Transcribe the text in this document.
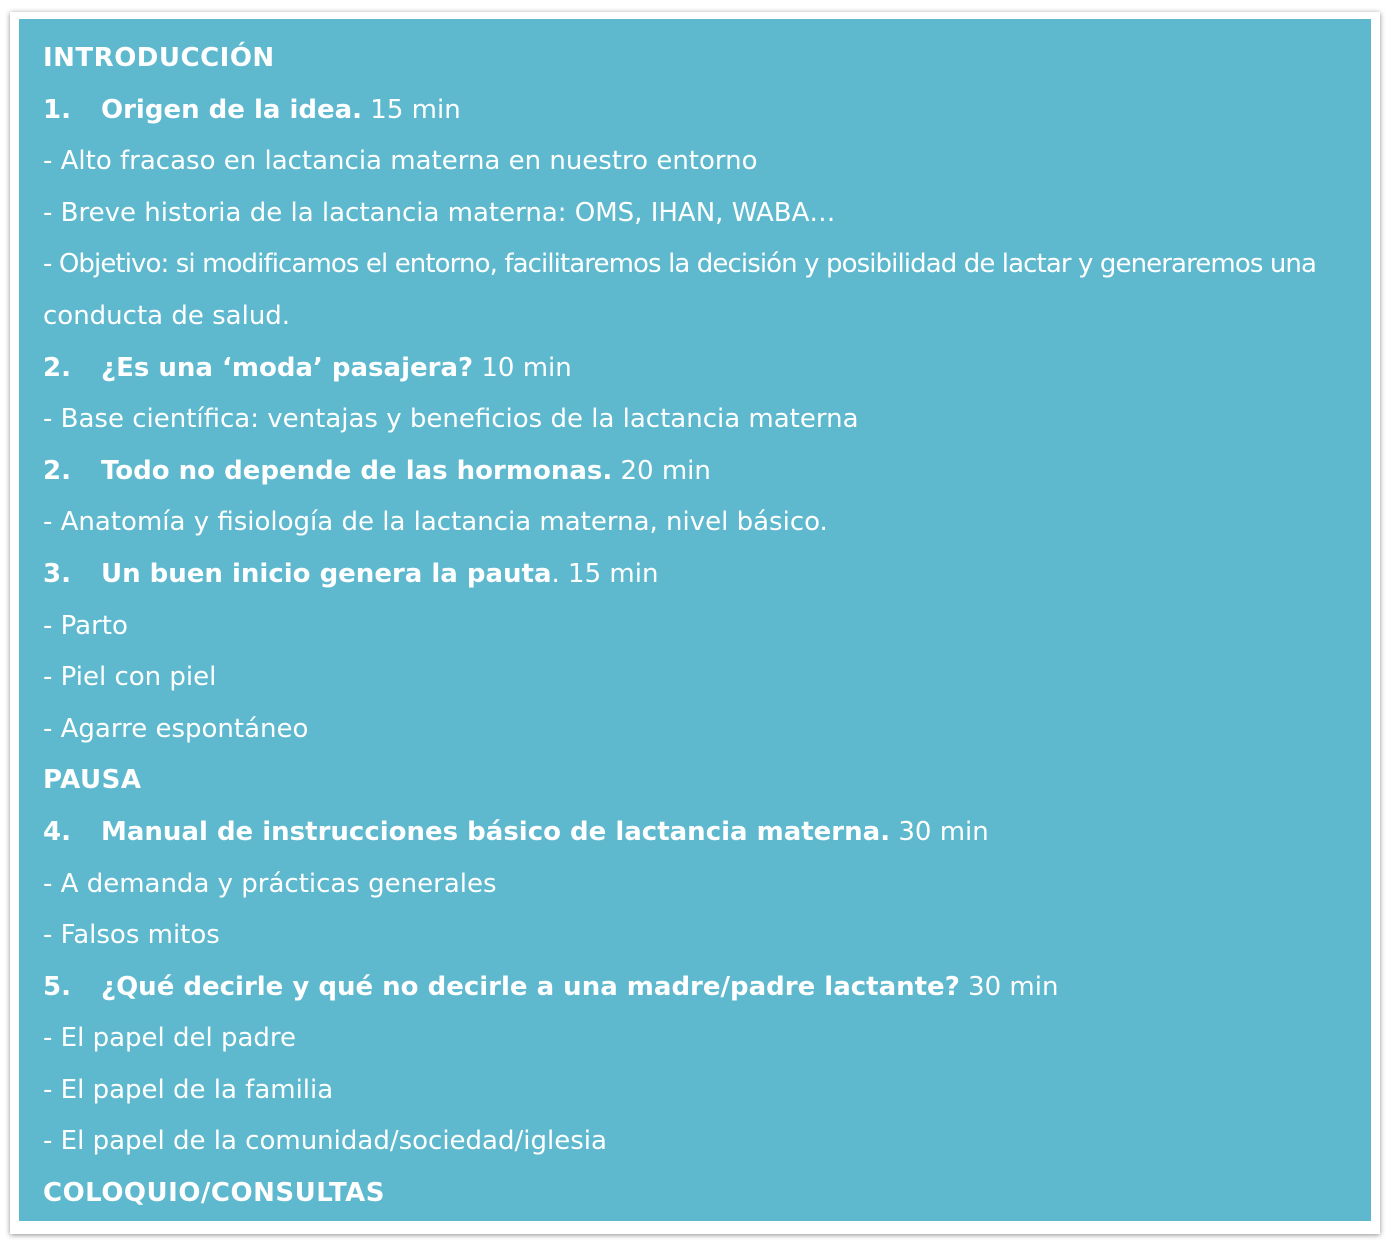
INTRODUCCIÓN
1. Origen de la idea. 15 min
- Alto fracaso en lactancia materna en nuestro entorno
- Breve historia de la lactancia materna: OMS, IHAN, WABA…
- Objetivo: si modificamos el entorno, facilitaremos la decisión y posibilidad de lactar y generaremos una
conducta de salud.
2. ¿Es una ‘moda’ pasajera? 10 min
- Base científica: ventajas y beneficios de la lactancia materna
2. Todo no depende de las hormonas. 20 min
- Anatomía y fisiología de la lactancia materna, nivel básico.
3. Un buen inicio genera la pauta. 15 min
- Parto
- Piel con piel
- Agarre espontáneo
PAUSA
4. Manual de instrucciones básico de lactancia materna. 30 min
- A demanda y prácticas generales
- Falsos mitos
5. ¿Qué decirle y qué no decirle a una madre/padre lactante? 30 min
- El papel del padre
- El papel de la familia
- El papel de la comunidad/sociedad/iglesia
COLOQUIO/CONSULTAS
